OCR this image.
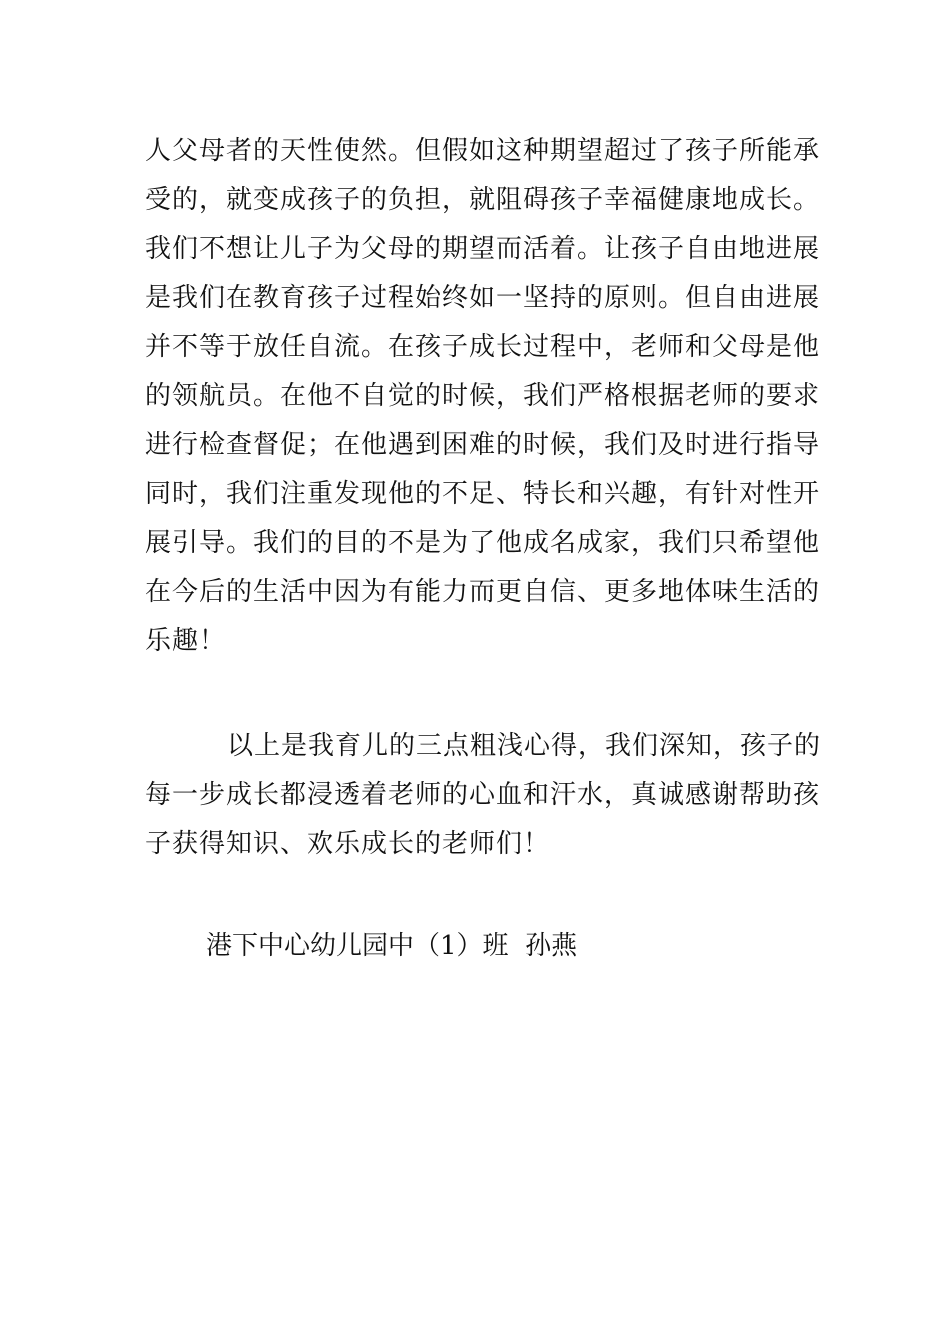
人父母者的天性使然。但假如这种期望超过了孩子所能承
受的，就变成孩子的负担，就阻碍孩子幸福健康地成长。
我们不想让儿子为父母的期望而活着。让孩子自由地进展
是我们在教育孩子过程始终如一坚持的原则。但自由进展
并不等于放任自流。在孩子成长过程中，老师和父母是他
的领航员。在他不自觉的时候，我们严格根据老师的要求
进行检查督促；在他遇到困难的时候，我们及时进行指导
同时，我们注重发现他的不足、特长和兴趣，有针对性开
展引导。我们的目的不是为了他成名成家，我们只希望他
在今后的生活中因为有能力而更自信、更多地体味生活的
乐趣！
以上是我育儿的三点粗浅心得，我们深知，孩子的
每一步成长都浸透着老师的心血和汗水，真诚感谢帮助孩
子获得知识、欢乐成长的老师们！
港下中心幼儿园中（1）班  孙燕
